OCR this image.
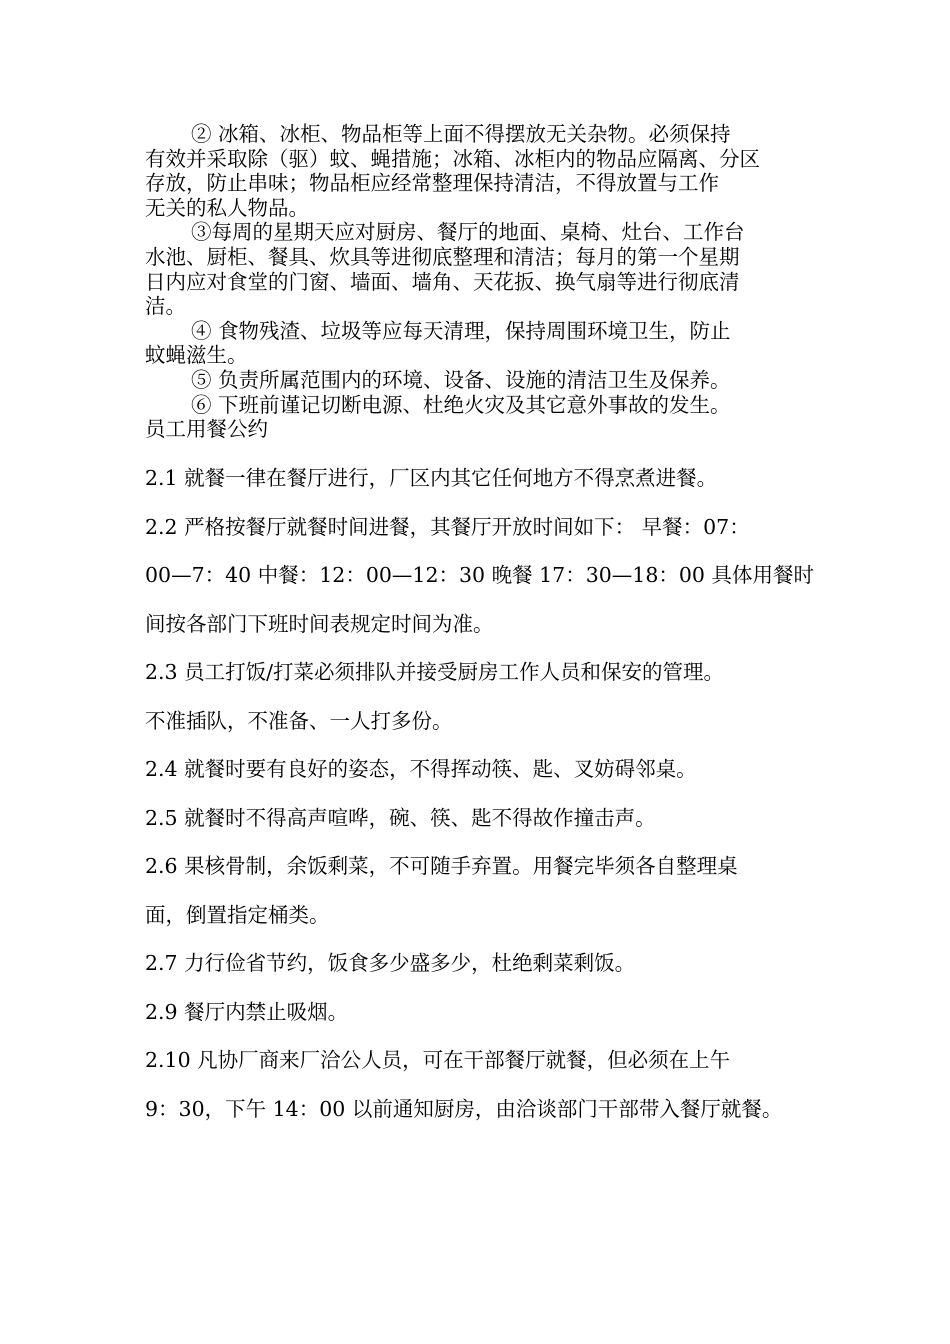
② 冰箱、冰柜、物品柜等上面不得摆放无关杂物。必须保持

有效并采取除（驱）蚊、蝇措施；冰箱、冰柜内的物品应隔离、分区

存放，防止串味；物品柜应经常整理保持清洁，不得放置与工作

无关的私人物品。

③每周的星期天应对厨房、餐厅的地面、桌椅、灶台、工作台

水池、厨柜、餐具、炊具等进彻底整理和清洁；每月的第一个星期

日内应对食堂的门窗、墙面、墙角、天花扳、换气扇等进行彻底清

洁。

④ 食物残渣、垃圾等应每天清理，保持周围环境卫生，防止

蚊蝇滋生。

⑤ 负责所属范围内的环境、设备、设施的清洁卫生及保养。

⑥ 下班前谨记切断电源、杜绝火灾及其它意外事故的发生。

员工用餐公约

2.1 就餐一律在餐厅进行，厂区内其它任何地方不得烹煮进餐。

2.2 严格按餐厅就餐时间进餐，其餐厅开放时间如下： 早餐：07：

00—7：40 中餐：12：00—12：30 晚餐 17：30—18：00 具体用餐时

间按各部门下班时间表规定时间为准。

2.3 员工打饭/打菜必须排队并接受厨房工作人员和保安的管理。

不准插队，不准备、一人打多份。

2.4 就餐时要有良好的姿态，不得挥动筷、匙、叉妨碍邻桌。

2.5 就餐时不得高声喧哗，碗、筷、匙不得故作撞击声。

2.6 果核骨制，余饭剩菜，不可随手弃置。用餐完毕须各自整理桌

面，倒置指定桶类。

2.7 力行俭省节约，饭食多少盛多少，杜绝剩菜剩饭。

2.9 餐厅内禁止吸烟。

2.10 凡协厂商来厂洽公人员，可在干部餐厅就餐，但必须在上午

9：30，下午 14：00 以前通知厨房，由洽谈部门干部带入餐厅就餐。
